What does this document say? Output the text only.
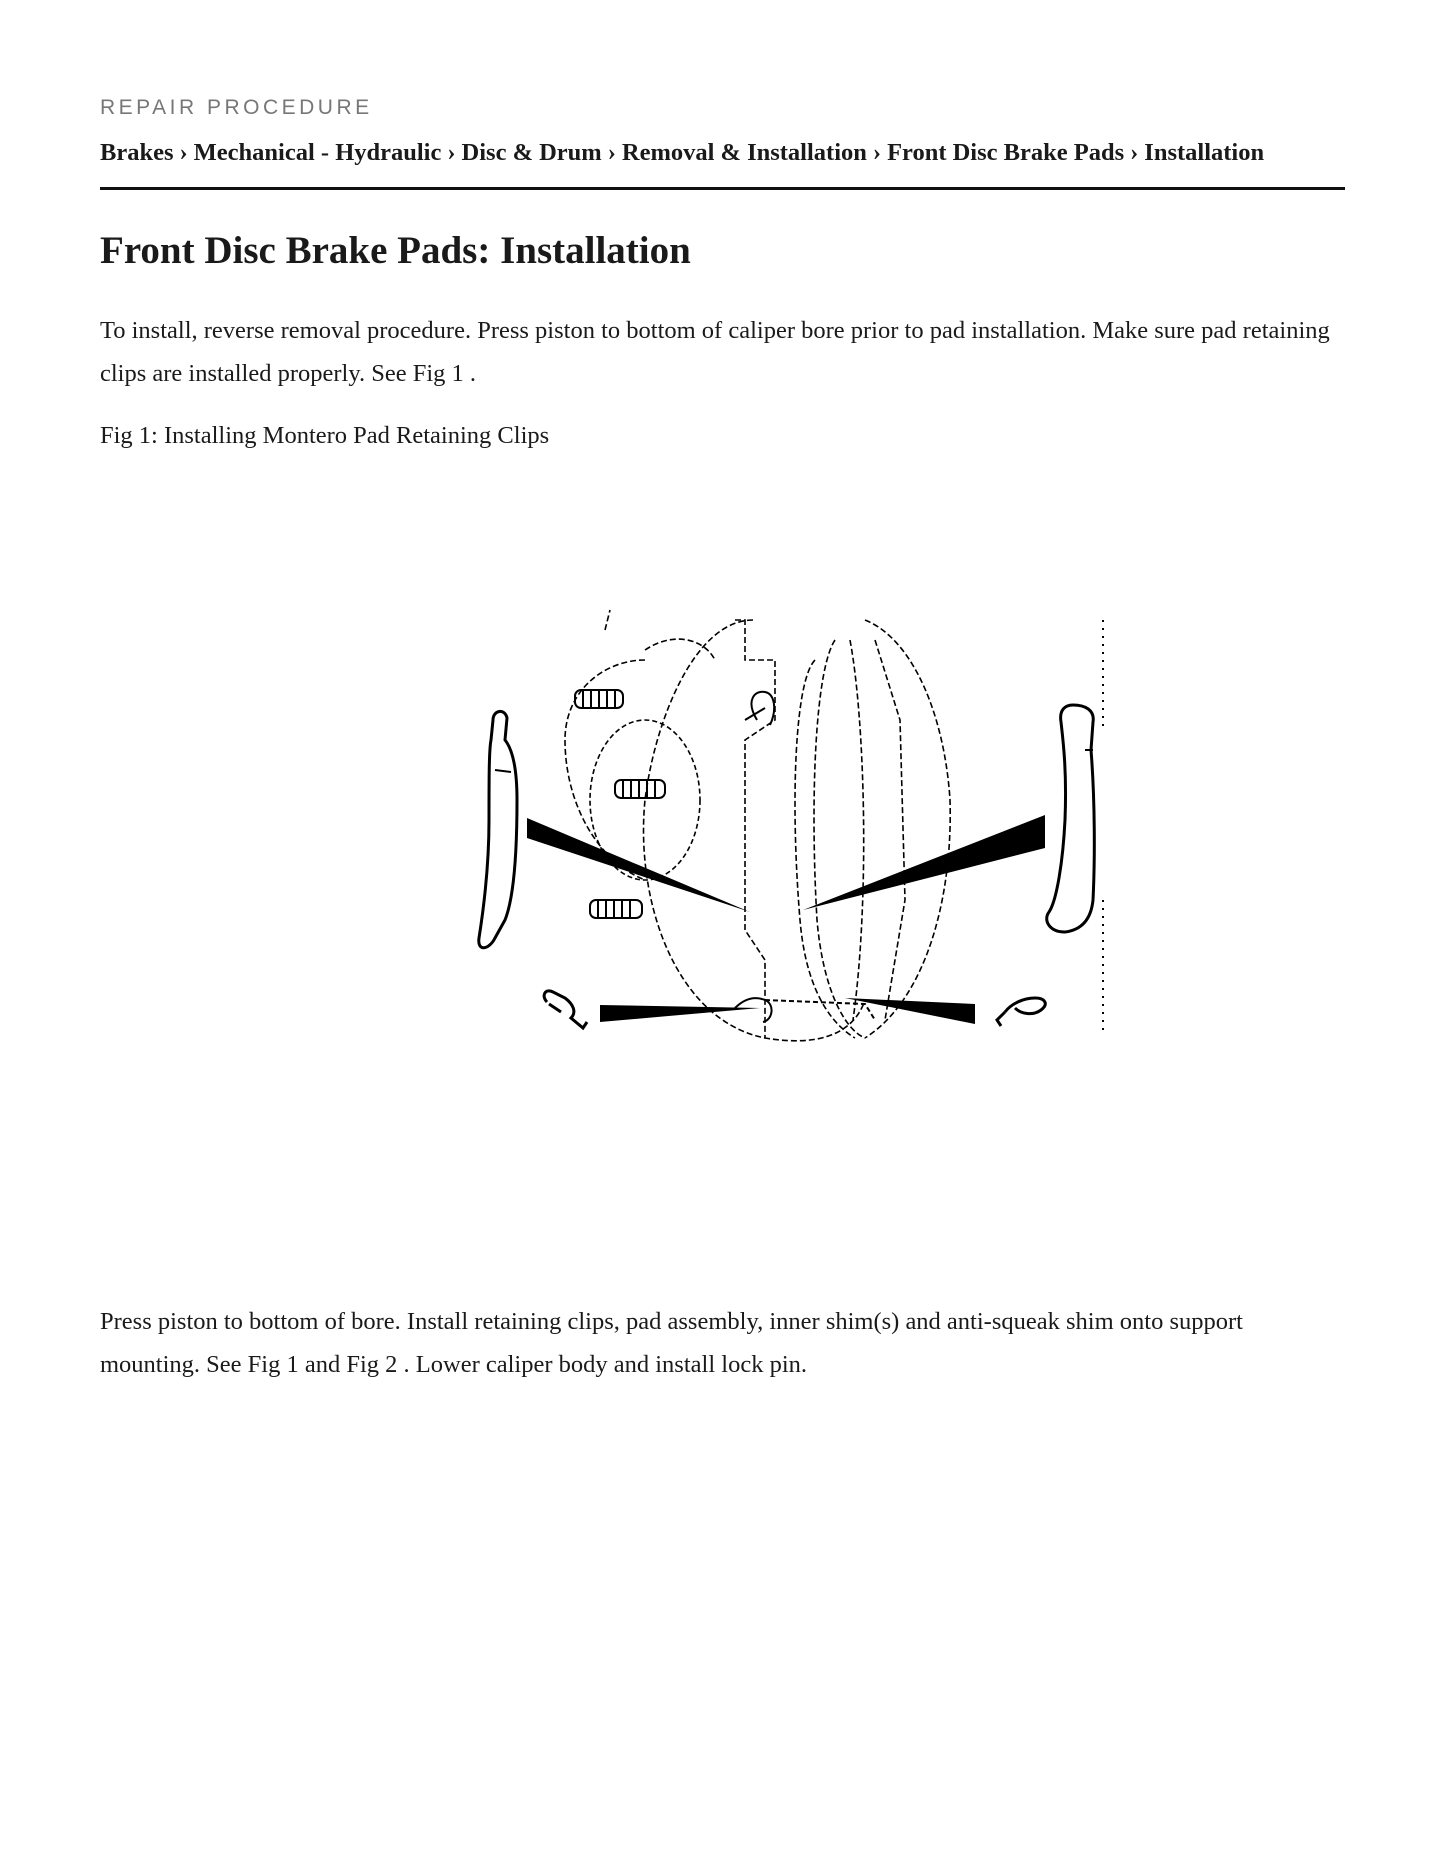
REPAIR PROCEDURE
Brakes › Mechanical - Hydraulic › Disc & Drum › Removal & Installation › Front Disc Brake Pads › Installation
Front Disc Brake Pads: Installation

To install, reverse removal procedure. Press piston to bottom of caliper bore prior to pad installation. Make sure pad retaining clips are installed properly. See Fig 1 .

Fig 1: Installing Montero Pad Retaining Clips

Press piston to bottom of bore. Install retaining clips, pad assembly, inner shim(s) and anti-squeak shim onto support mounting. See Fig 1 and Fig 2 . Lower caliper body and install lock pin.
